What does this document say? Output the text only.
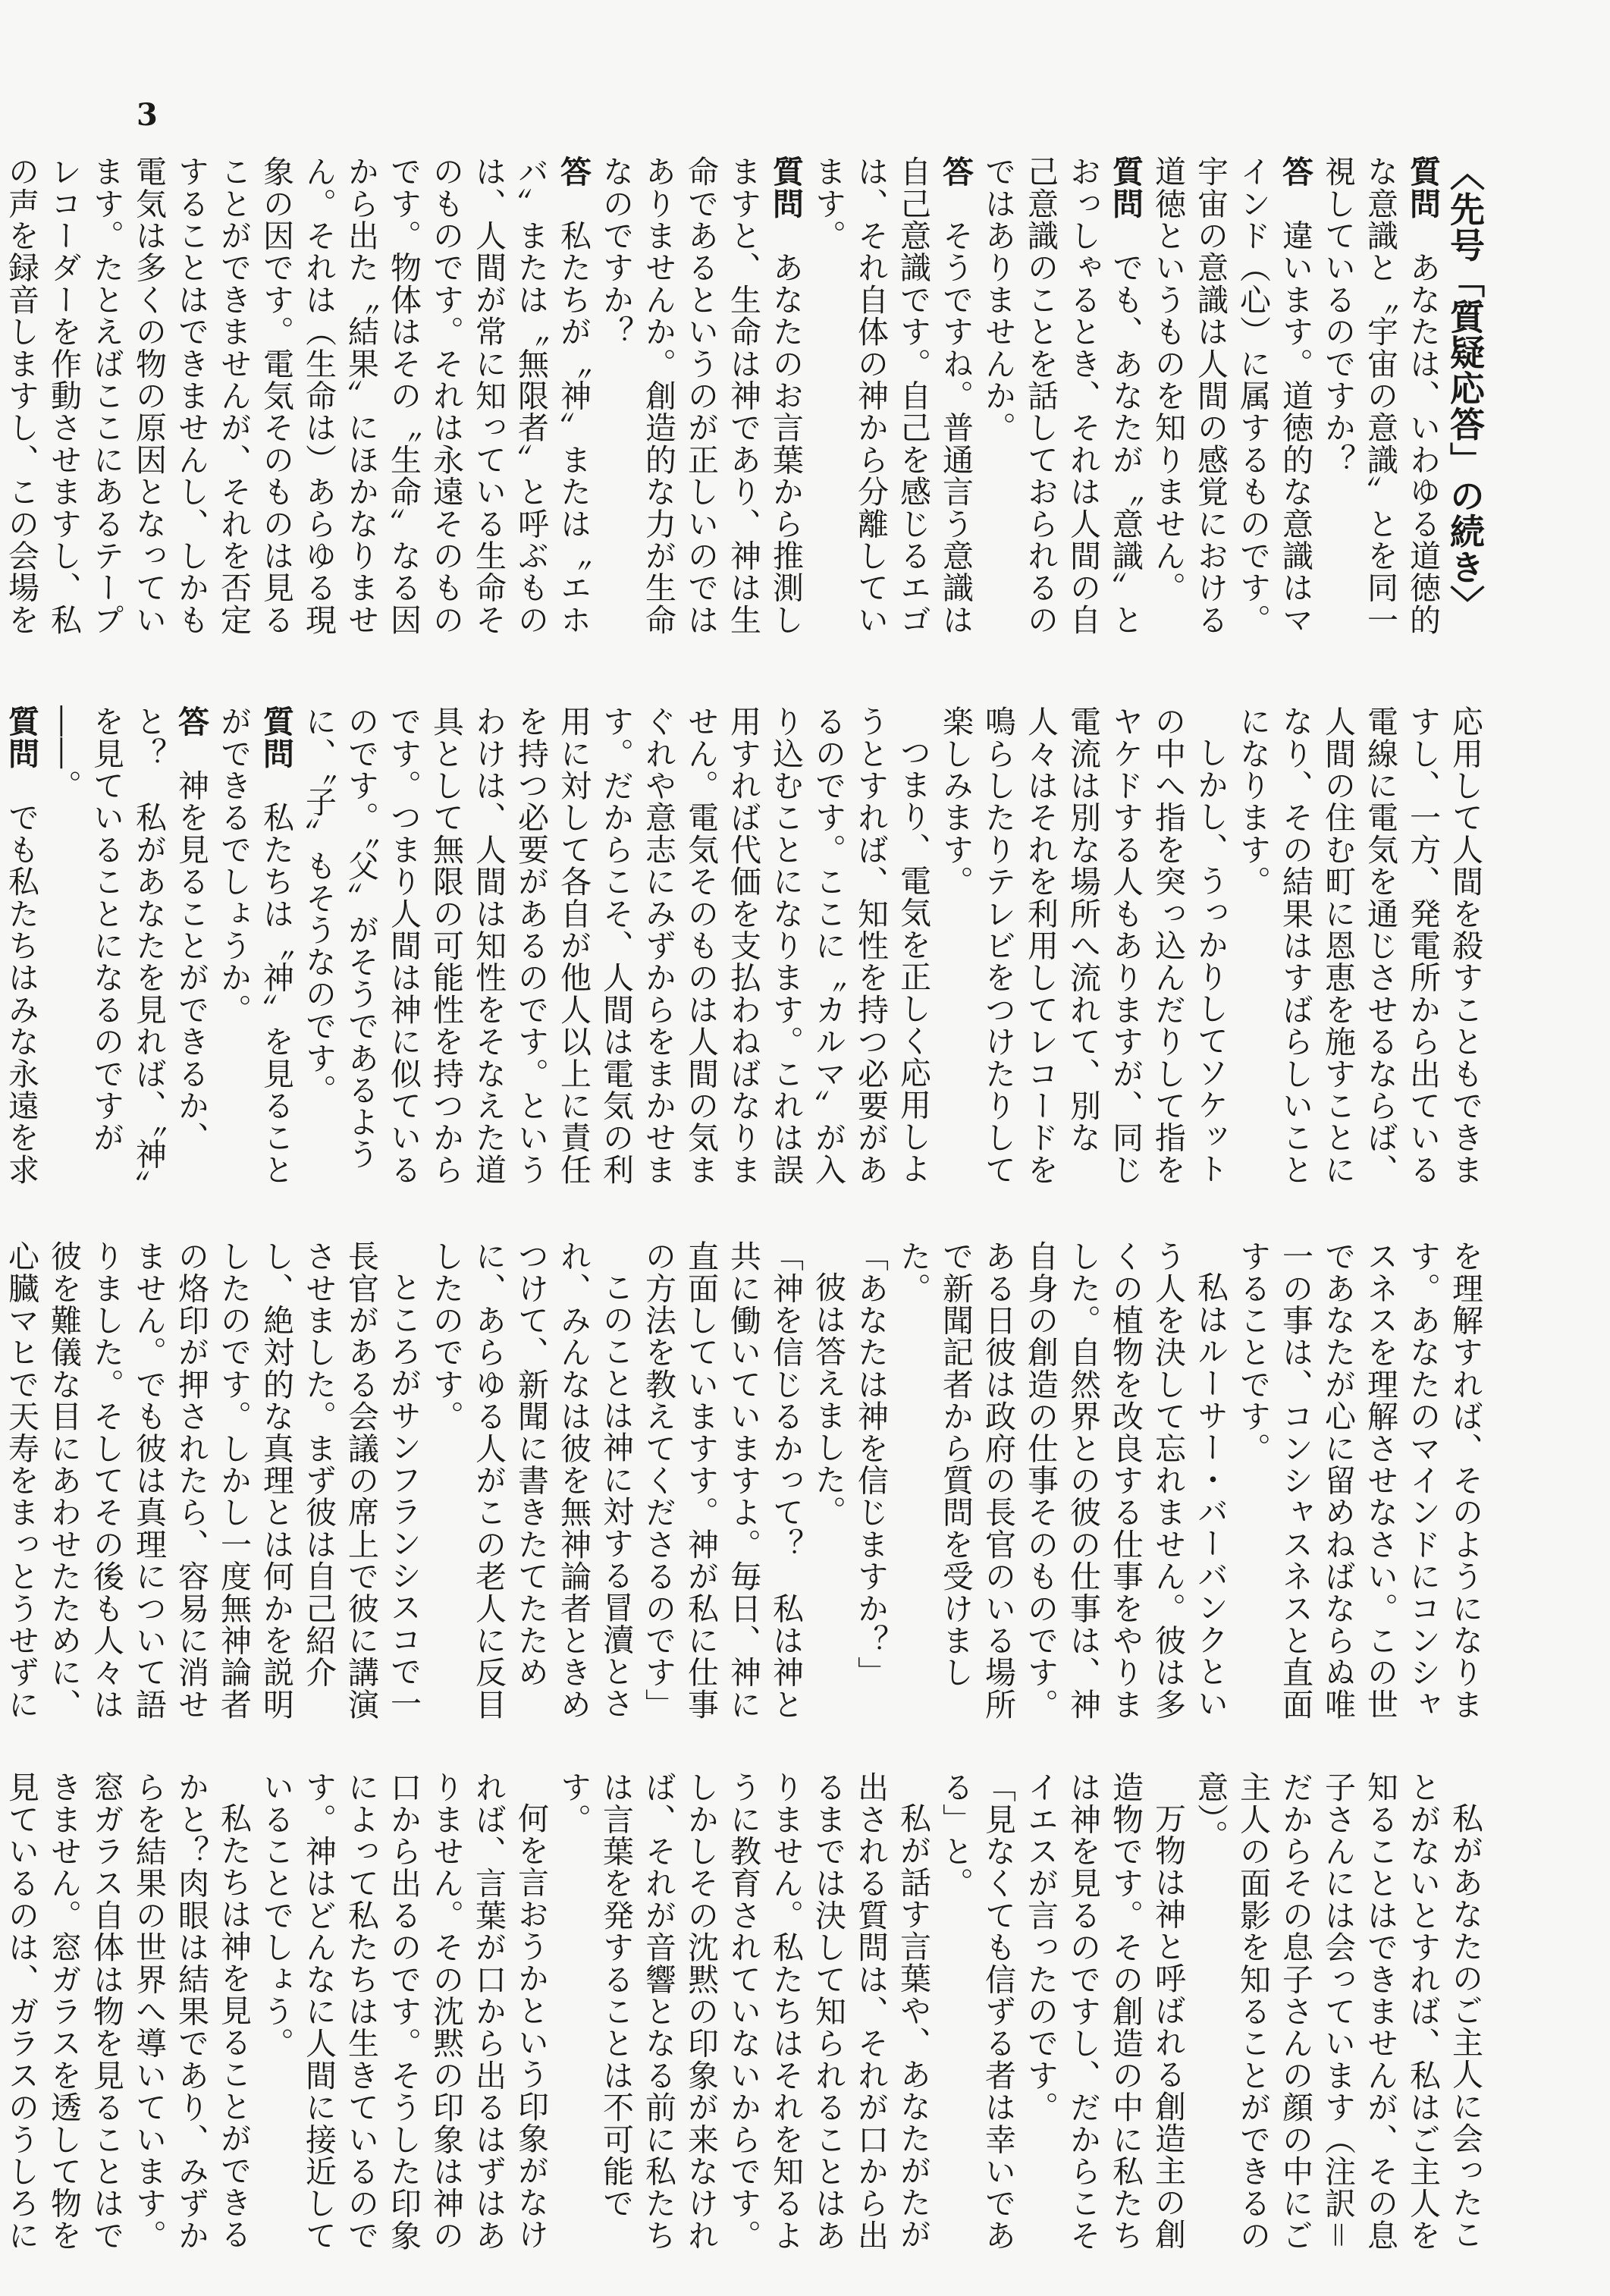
3

〈先号「質疑応答」の続き〉

質問　あなたは、いわゆる道徳的な意識と〝宇宙の意識〟とを同一視しているのですか？

答　違います。道徳的な意識はマインド（心）に属するものです。宇宙の意識は人間の感覚における道徳というものを知りません。

質問　でも、あなたが〝意識〟とおっしゃるとき、それは人間の自己意識のことを話しておられるのではありませんか。

答　そうですね。普通言う意識は自己意識です。自己を感じるエゴは、それ自体の神から分離しています。

質問　あなたのお言葉から推測しますと、生命は神であり、神は生命であるというのが正しいのではありませんか。創造的な力が生命なのですか？

答　私たちが〝神〟または〝エホバ〟または〝無限者〟と呼ぶものは、人間が常に知っている生命そのものです。それは永遠そのものです。物体はその〝生命〟なる因から出た〝結果〟にほかなりません。それは（生命は）あらゆる現象の因です。電気そのものは見ることができませんが、それを否定することはできませんし、しかも電気は多くの物の原因となっています。たとえばここにあるテープレコーダーを作動させますし、私の声を録音しますし、この会場を

応用して人間を殺すこともできますし、一方、発電所から出ている電線に電気を通じさせるならば、人間の住む町に恩恵を施すことになり、その結果はすばらしいことになります。

しかし、うっかりしてソケットの中へ指を突っ込んだりして指をヤケドする人もありますが、同じ電流は別な場所へ流れて、別な人々はそれを利用してレコードを鳴らしたりテレビをつけたりして楽しみます。

つまり、電気を正しく応用しようとすれば、知性を持つ必要があるのです。ここに〝カルマ〟が入り込むことになります。これは誤用すれば代価を支払わねばなりません。電気そのものは人間の気まぐれや意志にみずからをまかせます。だからこそ、人間は電気の利用に対して各自が他人以上に責任を持つ必要があるのです。というわけは、人間は知性をそなえた道具として無限の可能性を持つからです。つまり人間は神に似ているのです。〝父〟がそうであるように、〝子〟もそうなのです。

質問　私たちは〝神〟を見ることができるでしょうか。

答　神を見ることができるか、と？　私があなたを見れば、〝神〟を見ていることになるのですが――。

質問　でも私たちはみな永遠を求

を理解すれば、そのようになります。あなたのマインドにコンシャスネスを理解させなさい。この世であなたが心に留めねばならぬ唯一の事は、コンシャスネスと直面することです。

私はルーサー・バーバンクという人を決して忘れません。彼は多くの植物を改良する仕事をやりました。自然界との彼の仕事は、神自身の創造の仕事そのものです。ある日彼は政府の長官のいる場所で新聞記者から質問を受けました。

「あなたは神を信じますか？」

彼は答えました。

「神を信じるかって？　私は神と共に働いていますよ。毎日、神に直面していますす。神が私に仕事の方法を教えてくださるのです」

このことは神に対する冒瀆とされ、みんなは彼を無神論者ときめつけて、新聞に書きたてたために、あらゆる人がこの老人に反目したのです。

ところがサンフランシスコで一長官がある会議の席上で彼に講演させました。まず彼は自己紹介し、絶対的な真理とは何かを説明したのです。しかし一度無神論者の烙印が押されたら、容易に消せません。でも彼は真理について語りました。そしてその後も人々は彼を難儀な目にあわせたために、心臓マヒで天寿をまっとうせずに

私があなたのご主人に会ったことがないとすれば、私はご主人を知ることはできませんが、その息子さんには会っています（注訳＝だからその息子さんの顔の中にご主人の面影を知ることができるの意）。

万物は神と呼ばれる創造主の創造物です。その創造の中に私たちは神を見るのですし、だからこそイエスが言ったのです。

「見なくても信ずる者は幸いである」と。

私が話す言葉や、あなたがたが出される質問は、それが口から出るまでは決して知られることはありません。私たちはそれを知るように教育されていないからです。しかしその沈黙の印象が来なければ、それが音響となる前に私たちは言葉を発することは不可能です。

何を言おうかという印象がなければ、言葉が口から出るはずはありません。その沈黙の印象は神の口から出るのです。そうした印象によって私たちは生きているのです。神はどんなに人間に接近していることでしょう。

私たちは神を見ることができるかと？肉眼は結果であり、みずからを結果の世界へ導いています。窓ガラス自体は物を見ることはできません。窓ガラスを透して物を見ているのは、ガラスのうしろに
